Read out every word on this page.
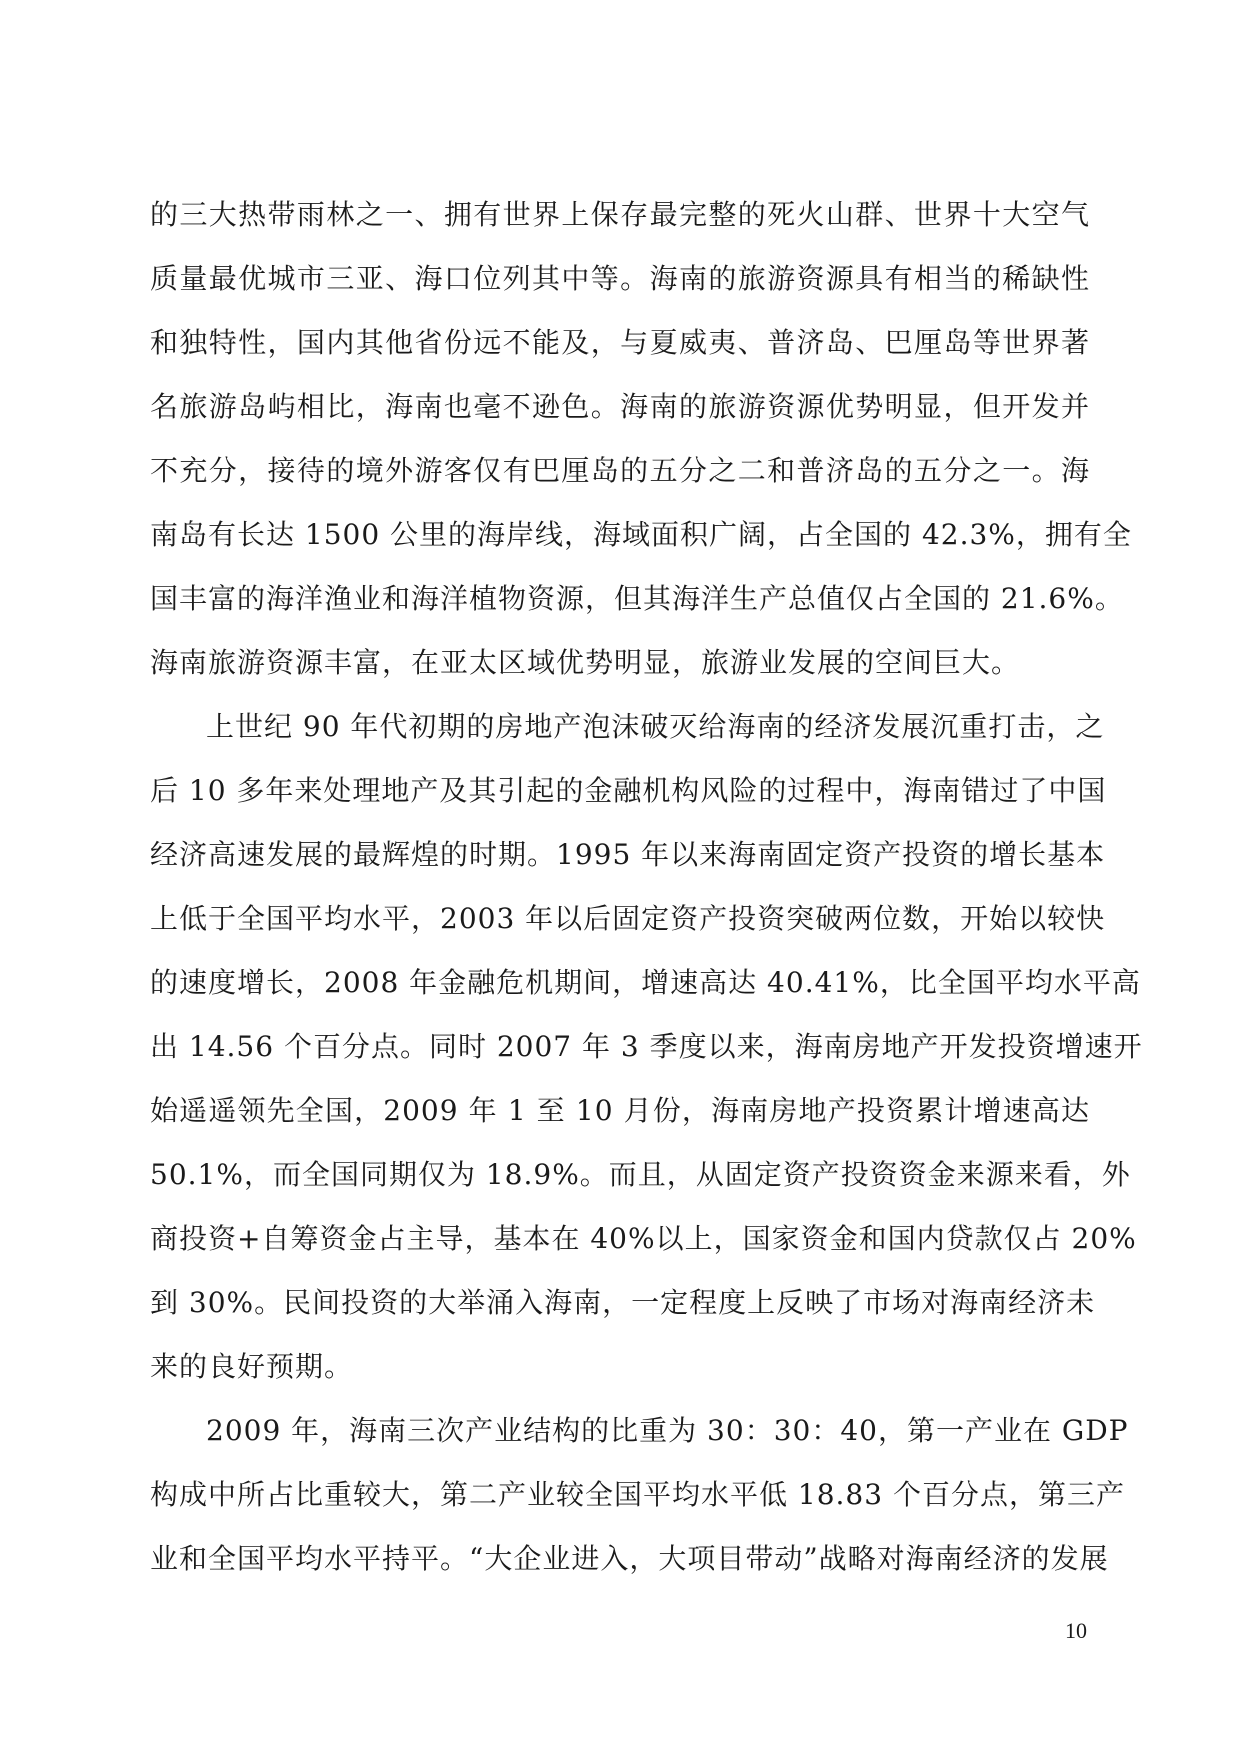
的三大热带雨林之一、拥有世界上保存最完整的死火山群、世界十大空气
质量最优城市三亚、海口位列其中等。海南的旅游资源具有相当的稀缺性
和独特性，国内其他省份远不能及，与夏威夷、普济岛、巴厘岛等世界著
名旅游岛屿相比，海南也毫不逊色。海南的旅游资源优势明显，但开发并
不充分，接待的境外游客仅有巴厘岛的五分之二和普济岛的五分之一。海
南岛有长达 1500 公里的海岸线，海域面积广阔，占全国的 42.3%，拥有全
国丰富的海洋渔业和海洋植物资源，但其海洋生产总值仅占全国的 21.6%。
海南旅游资源丰富，在亚太区域优势明显，旅游业发展的空间巨大。
上世纪 90 年代初期的房地产泡沫破灭给海南的经济发展沉重打击，之
后 10 多年来处理地产及其引起的金融机构风险的过程中，海南错过了中国
经济高速发展的最辉煌的时期。1995 年以来海南固定资产投资的增长基本
上低于全国平均水平，2003 年以后固定资产投资突破两位数，开始以较快
的速度增长，2008 年金融危机期间，增速高达 40.41%，比全国平均水平高
出 14.56 个百分点。同时 2007 年 3 季度以来，海南房地产开发投资增速开
始遥遥领先全国，2009 年 1 至 10 月份，海南房地产投资累计增速高达
50.1%，而全国同期仅为 18.9%。而且，从固定资产投资资金来源来看，外
商投资+自筹资金占主导，基本在 40%以上，国家资金和国内贷款仅占 20%
到 30%。民间投资的大举涌入海南，一定程度上反映了市场对海南经济未
来的良好预期。
2009 年，海南三次产业结构的比重为 30：30：40，第一产业在 GDP
构成中所占比重较大，第二产业较全国平均水平低 18.83 个百分点，第三产
业和全国平均水平持平。“大企业进入，大项目带动”战略对海南经济的发展
10
